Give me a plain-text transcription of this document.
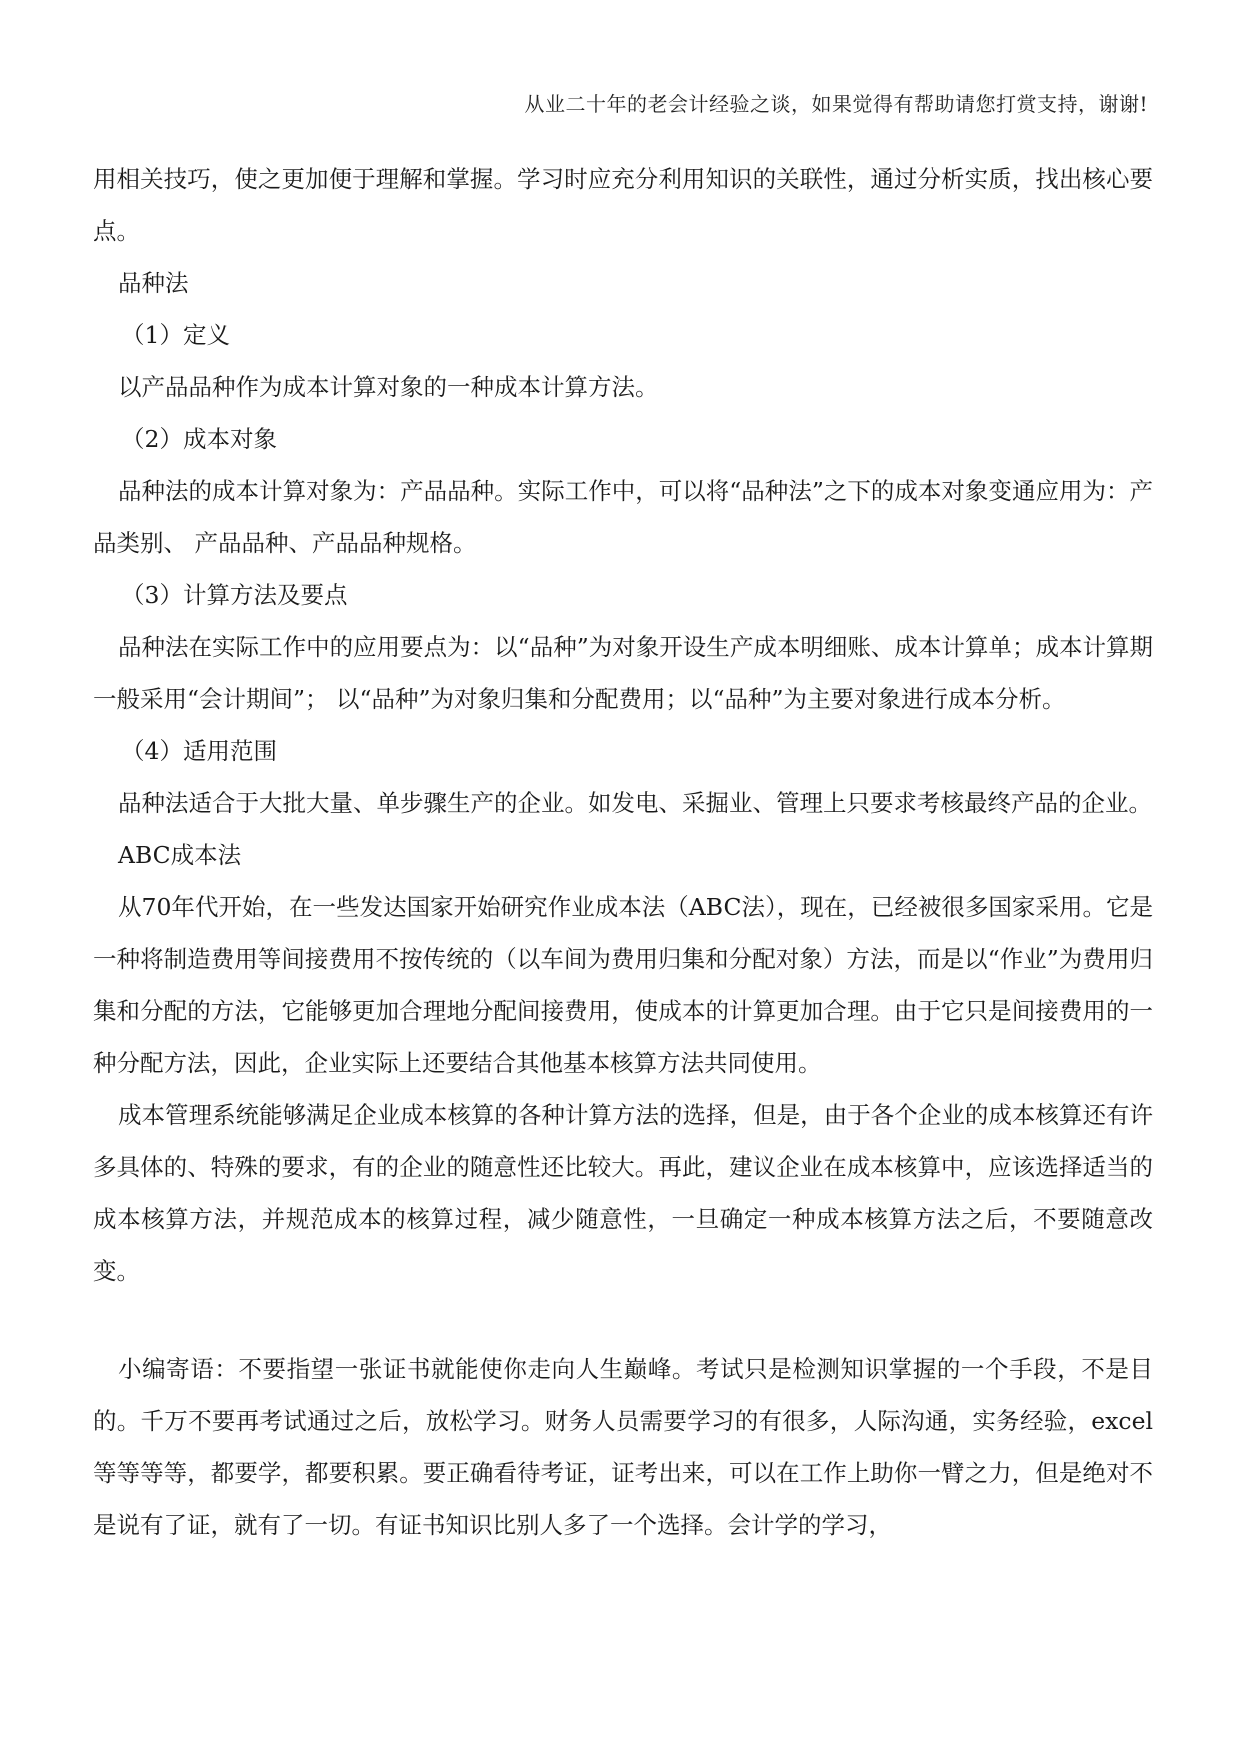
从业二十年的老会计经验之谈，如果觉得有帮助请您打赏支持，谢谢!

用相关技巧，使之更加便于理解和掌握。学习时应充分利用知识的关联性，通过分析实质，找出核心要点。

品种法

（1）定义

以产品品种作为成本计算对象的一种成本计算方法。

（2）成本对象

品种法的成本计算对象为：产品品种。实际工作中，可以将“品种法”之下的成本对象变通应用为：产品类别、 产品品种、产品品种规格。

（3）计算方法及要点

品种法在实际工作中的应用要点为：以“品种”为对象开设生产成本明细账、成本计算单；成本计算期一般采用“会计期间”； 以“品种”为对象归集和分配费用；以“品种”为主要对象进行成本分析。

（4）适用范围

品种法适合于大批大量、单步骤生产的企业。如发电、采掘业、管理上只要求考核最终产品的企业。

ABC成本法

从70年代开始，在一些发达国家开始研究作业成本法（ABC法），现在，已经被很多国家采用。它是一种将制造费用等间接费用不按传统的（以车间为费用归集和分配对象）方法，而是以“作业”为费用归集和分配的方法，它能够更加合理地分配间接费用，使成本的计算更加合理。由于它只是间接费用的一种分配方法，因此，企业实际上还要结合其他基本核算方法共同使用。

成本管理系统能够满足企业成本核算的各种计算方法的选择，但是，由于各个企业的成本核算还有许多具体的、特殊的要求，有的企业的随意性还比较大。再此，建议企业在成本核算中，应该选择适当的成本核算方法，并规范成本的核算过程，减少随意性，一旦确定一种成本核算方法之后，不要随意改变。

小编寄语：不要指望一张证书就能使你走向人生巅峰。考试只是检测知识掌握的一个手段，不是目的。千万不要再考试通过之后，放松学习。财务人员需要学习的有很多，人际沟通，实务经验，excel等等等等，都要学，都要积累。要正确看待考证，证考出来，可以在工作上助你一臂之力，但是绝对不是说有了证，就有了一切。有证书知识比别人多了一个选择。会计学的学习，
